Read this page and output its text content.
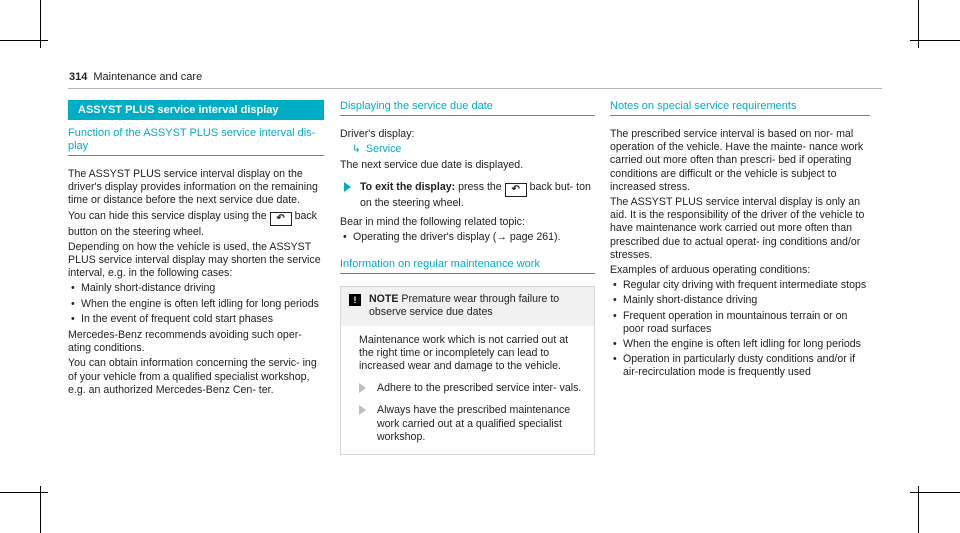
314 Maintenance and care
ASSYST PLUS service interval display
Function of the ASSYST PLUS service interval dis- play

The ASSYST PLUS service interval display on the driver's display provides information on the remaining time or distance before the next service due date.

You can hide this service display using the ↶ back button on the steering wheel.

Depending on how the vehicle is used, the ASSYST PLUS service interval display may shorten the service interval, e.g. in the following cases:

• Mainly short-distance driving
• When the engine is often left idling for long periods
• In the event of frequent cold start phases

Mercedes-Benz recommends avoiding such oper- ating conditions.

You can obtain information concerning the servic- ing of your vehicle from a qualified specialist workshop, e.g. an authorized Mercedes-Benz Cen- ter.

Displaying the service due date

Driver's display:

↳ Service

The next service due date is displayed.

To exit the display: press the ↶ back but- ton on the steering wheel.

Bear in mind the following related topic:

• Operating the driver's display (→ page 261).
Information on regular maintenance work
!	NOTE Premature wear through failure to observe service due dates

Maintenance work which is not carried out at the right time or incompletely can lead to increased wear and damage to the vehicle.

Adhere to the prescribed service inter- vals.
Always have the prescribed maintenance work carried out at a qualified specialist workshop.
Notes on special service requirements

The prescribed service interval is based on nor- mal operation of the vehicle. Have the mainte- nance work carried out more often than prescri- bed if operating conditions are difficult or the vehicle is subject to increased stress.

The ASSYST PLUS service interval display is only an aid. It is the responsibility of the driver of the vehicle to have maintenance work carried out more often than prescribed due to actual operat- ing conditions and/or stresses.

Examples of arduous operating conditions:

• Regular city driving with frequent intermediate stops
• Mainly short-distance driving
• Frequent operation in mountainous terrain or on poor road surfaces
• When the engine is often left idling for long periods
• Operation in particularly dusty conditions and/or if air-recirculation mode is frequently used
